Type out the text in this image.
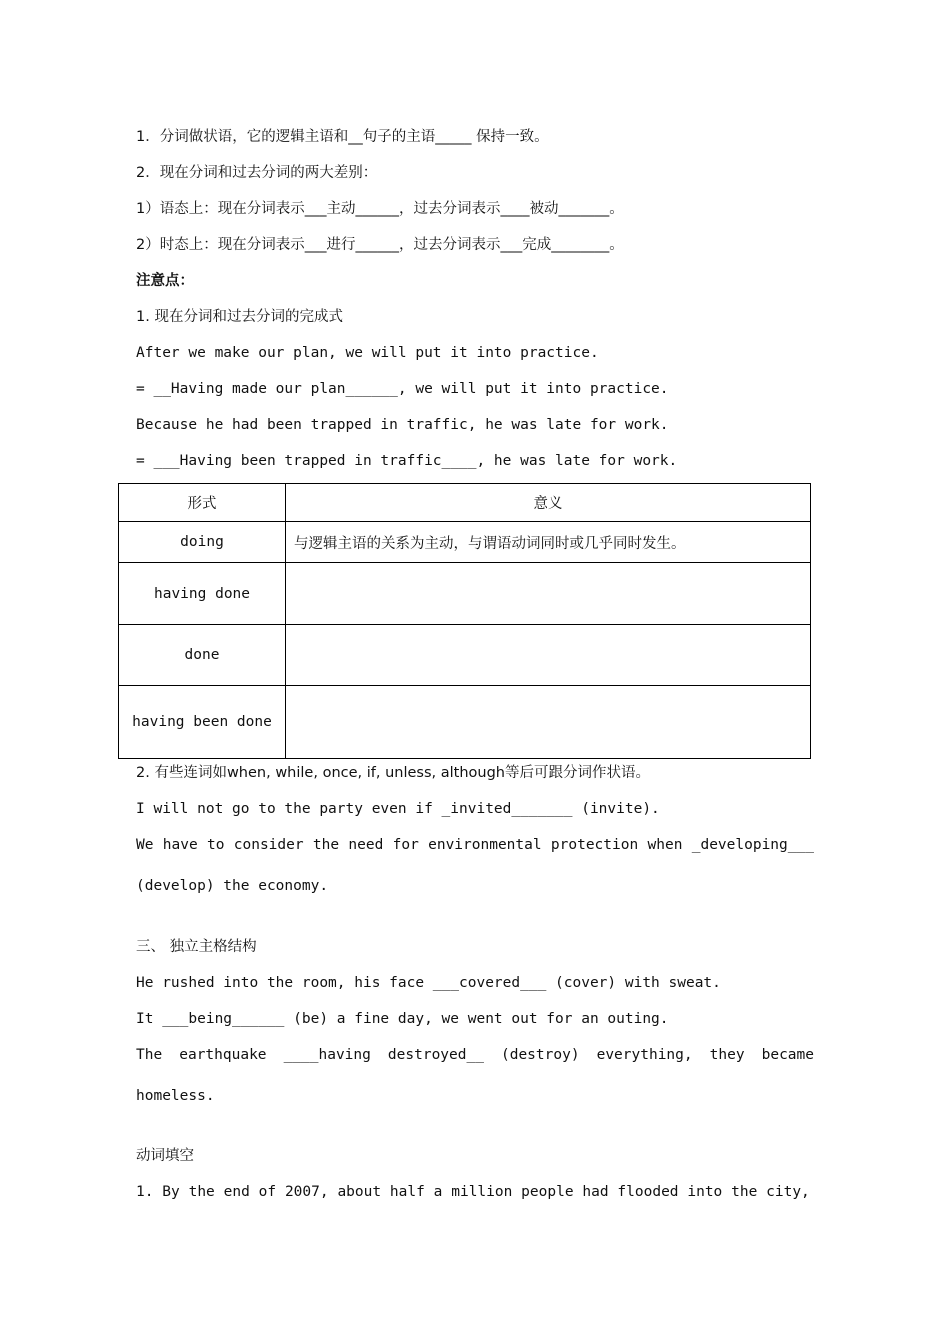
1．分词做状语，它的逻辑主语和__句子的主语_____ 保持一致。
2．现在分词和过去分词的两大差别：
1）语态上：现在分词表示___主动______，过去分词表示____被动_______。
2）时态上：现在分词表示___进行______，过去分词表示___完成________。
注意点：
1. 现在分词和过去分词的完成式
After we make our plan, we will put it into practice.
= __Having made our plan______, we will put it into practice.
Because he had been trapped in traffic, he was late for work.
= ___Having been trapped in traffic____, he was late for work.
形式	意义
doing	与逻辑主语的关系为主动，与谓语动词同时或几乎同时发生。
having done	
done	
having been done	
2. 有些连词如when, while, once, if, unless, although等后可跟分词作状语。
I will not go to the party even if _invited_______ (invite).
We have to consider the need for environmental protection when _developing___
(develop) the economy.
三、 独立主格结构
He rushed into the room, his face ___covered___ (cover) with sweat.
It ___being______ (be) a fine day, we went out for an outing.
The earthquake ____having destroyed__ (destroy) everything, they became
homeless.
动词填空
1. By the end of 2007, about half a million people had flooded into the city,
